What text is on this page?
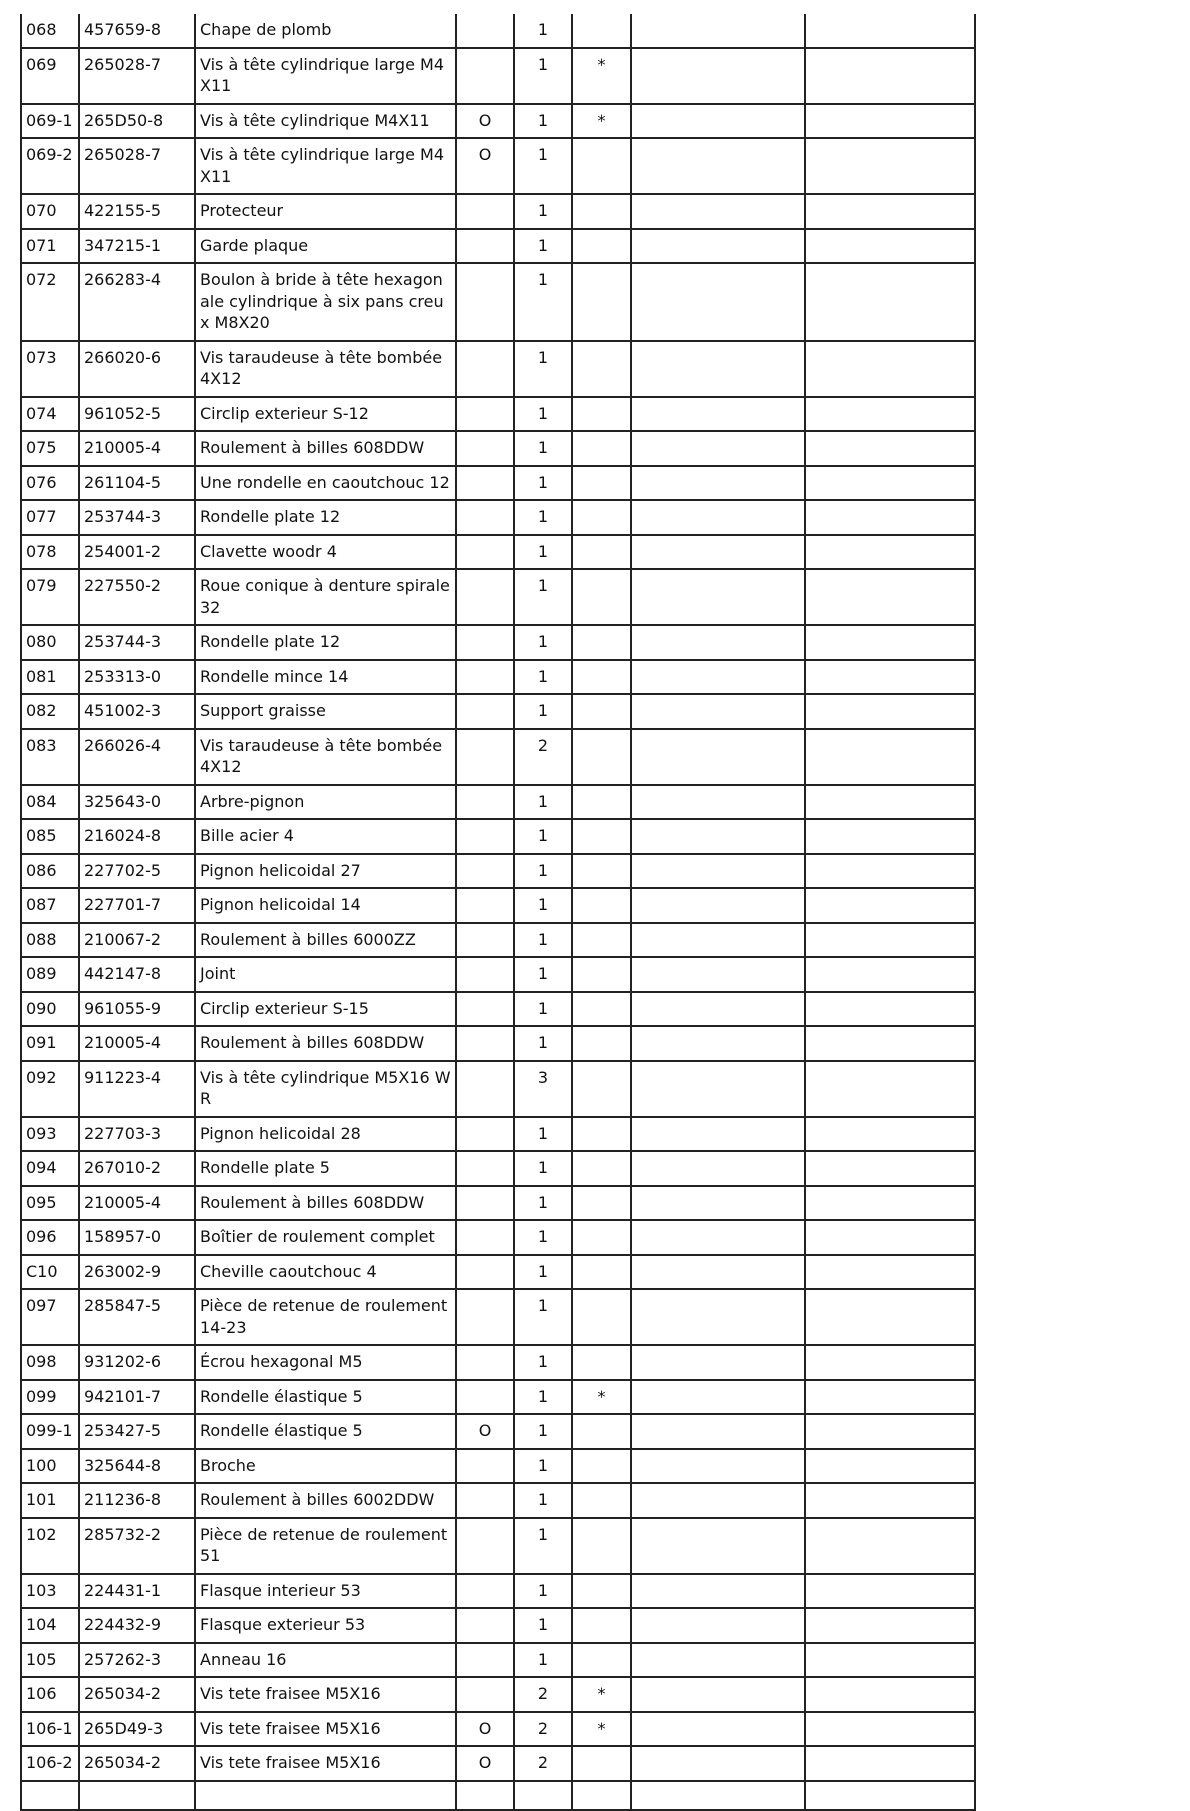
068	457659-8	Chape de plomb		1			
069	265028-7	Vis à tête cylindrique large M4X11		1	*		
069-1	265D50-8	Vis à tête cylindrique M4X11	O	1	*		
069-2	265028-7	Vis à tête cylindrique large M4X11	O	1			
070	422155-5	Protecteur		1			
071	347215-1	Garde plaque		1			
072	266283-4	Boulon à bride à tête hexagonale cylindrique à six pans creux M8X20		1			
073	266020-6	Vis taraudeuse à tête bombée 4X12		1			
074	961052-5	Circlip exterieur S-12		1			
075	210005-4	Roulement à billes 608DDW		1			
076	261104-5	Une rondelle en caoutchouc 12		1			
077	253744-3	Rondelle plate 12		1			
078	254001-2	Clavette woodr 4		1			
079	227550-2	Roue conique à denture spirale 32		1			
080	253744-3	Rondelle plate 12		1			
081	253313-0	Rondelle mince 14		1			
082	451002-3	Support graisse		1			
083	266026-4	Vis taraudeuse à tête bombée 4X12		2			
084	325643-0	Arbre-pignon		1			
085	216024-8	Bille acier 4		1			
086	227702-5	Pignon helicoidal 27		1			
087	227701-7	Pignon helicoidal 14		1			
088	210067-2	Roulement à billes 6000ZZ		1			
089	442147-8	Joint		1			
090	961055-9	Circlip exterieur S-15		1			
091	210005-4	Roulement à billes 608DDW		1			
092	911223-4	Vis à tête cylindrique M5X16 WR		3			
093	227703-3	Pignon helicoidal 28		1			
094	267010-2	Rondelle plate 5		1			
095	210005-4	Roulement à billes 608DDW		1			
096	158957-0	Boîtier de roulement complet		1			
C10	263002-9	Cheville caoutchouc 4		1			
097	285847-5	Pièce de retenue de roulement 14-23		1			
098	931202-6	Écrou hexagonal M5		1			
099	942101-7	Rondelle élastique 5		1	*		
099-1	253427-5	Rondelle élastique 5	O	1			
100	325644-8	Broche		1			
101	211236-8	Roulement à billes 6002DDW		1			
102	285732-2	Pièce de retenue de roulement 51		1			
103	224431-1	Flasque interieur 53		1			
104	224432-9	Flasque exterieur 53		1			
105	257262-3	Anneau 16		1			
106	265034-2	Vis tete fraisee M5X16		2	*		
106-1	265D49-3	Vis tete fraisee M5X16	O	2	*		
106-2	265034-2	Vis tete fraisee M5X16	O	2			
